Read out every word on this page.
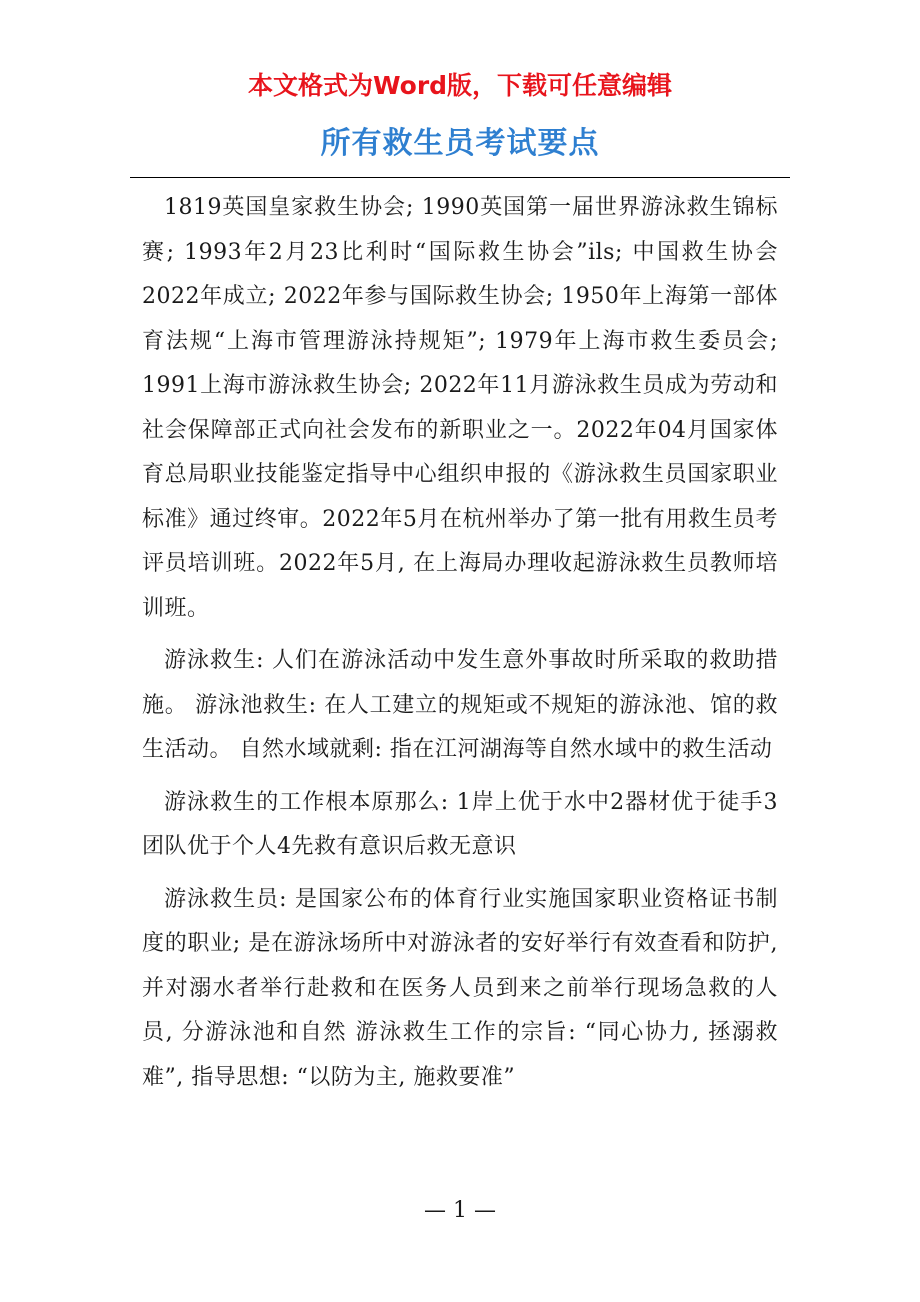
本文格式为Word版，下载可任意编辑
所有救生员考试要点

1819英国皇家救生协会; 1990英国第一届世界游泳救生锦标赛; 1993年2月23比利时“国际救生协会”ils; 中国救生协会2022年成立; 2022年参与国际救生协会; 1950年上海第一部体育法规“上海市管理游泳持规矩”; 1979年上海市救生委员会; 1991上海市游泳救生协会; 2022年11月游泳救生员成为劳动和社会保障部正式向社会发布的新职业之一。2022年04月国家体育总局职业技能鉴定指导中心组织申报的《游泳救生员国家职业标准》通过终审。2022年5月在杭州举办了第一批有用救生员考评员培训班。2022年5月, 在上海局办理收起游泳救生员教师培训班。

游泳救生: 人们在游泳活动中发生意外事故时所采取的救助措施。 游泳池救生: 在人工建立的规矩或不规矩的游泳池、馆的救生活动。 自然水域就剩: 指在江河湖海等自然水域中的救生活动

游泳救生的工作根本原那么: 1岸上优于水中2器材优于徒手3团队优于个人4先救有意识后救无意识

游泳救生员: 是国家公布的体育行业实施国家职业资格证书制度的职业; 是在游泳场所中对游泳者的安好举行有效查看和防护, 并对溺水者举行赴救和在医务人员到来之前举行现场急救的人员, 分游泳池和自然 游泳救生工作的宗旨: “同心协力, 拯溺救难”, 指导思想: “以防为主, 施救要准”

— 1 —
